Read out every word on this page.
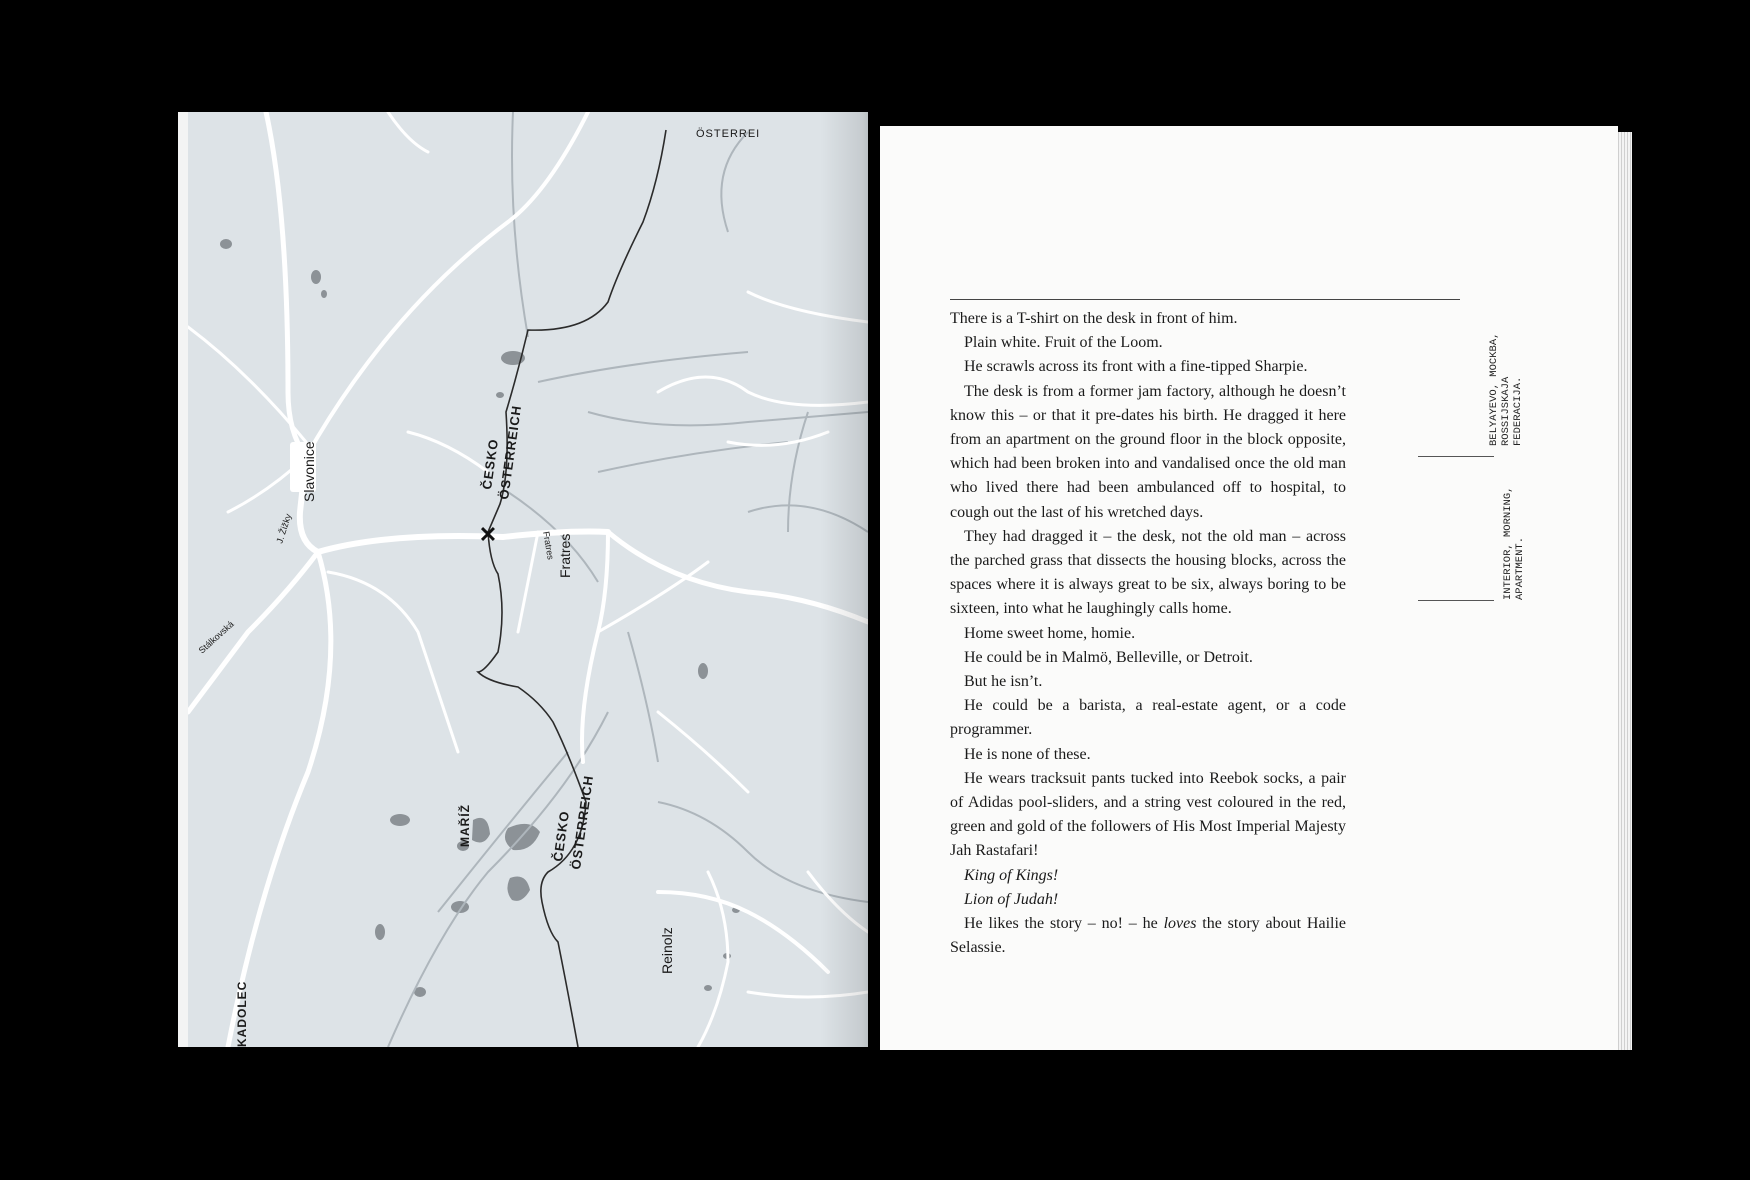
✕
ÖSTERREI
Slavonice
J. Žižky
ČESKO
ÖSTERREICH
Fratres Fratres
Stálkovská
MAŘÍŽ	ČESKO
ÖSTERREICH
Reinolz
KADOLEC

There is a T-shirt on the desk in front of him.

Plain white. Fruit of the Loom.

He scrawls across its front with a fine-tipped Sharpie.

The desk is from a former jam factory, although he doesn’t know this – or that it pre-dates his birth. He dragged it here from an apartment on the ground floor in the block opposite, which had been broken into and vandalised once the old man who lived there had been ambulanced off to hospital, to cough out the last of his wretched days.

They had dragged it – the desk, not the old man – across the parched grass that dissects the housing blocks, across the spaces where it is always great to be six, always boring to be sixteen, into what he laughingly calls home.

Home sweet home, homie.

He could be in Malmö, Belleville, or Detroit.

But he isn’t.

He could be a barista, a real-estate agent, or a code programmer.

He is none of these.

He wears tracksuit pants tucked into Reebok socks, a pair of Adidas pool-sliders, and a string vest coloured in the red, green and gold of the followers of His Most Imperial Majesty Jah Rastafari!

King of Kings!

Lion of Judah!

He likes the story – no! – he loves the story about Hailie Selassie.

BELYAYEVO, MOCKBA,
ROSSIJSKAJA
FEDERACIJA.
INTERIOR, MORNING,
APARTMENT.
